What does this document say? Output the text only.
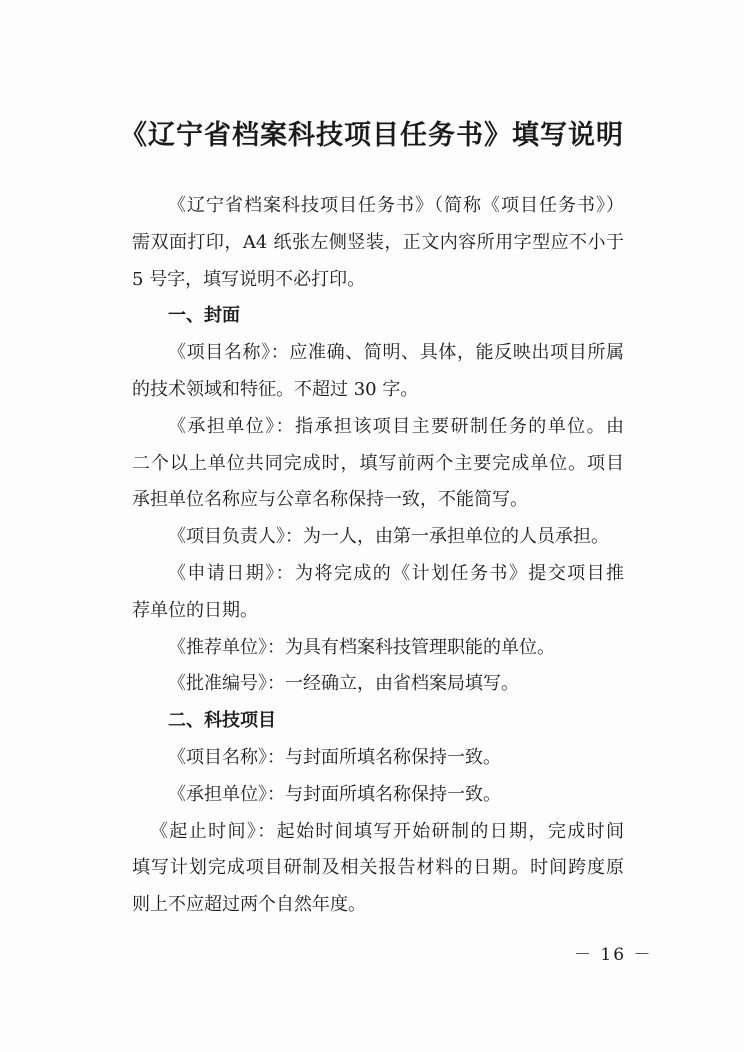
《辽宁省档案科技项目任务书》填写说明
《辽宁省档案科技项目任务书》（简称《项目任务书》）
需双面打印，A4 纸张左侧竖装，正文内容所用字型应不小于
5 号字，填写说明不必打印。
一、封面
《项目名称》：应准确、简明、具体，能反映出项目所属
的技术领域和特征。不超过 30 字。
《承担单位》：指承担该项目主要研制任务的单位。由
二个以上单位共同完成时，填写前两个主要完成单位。项目
承担单位名称应与公章名称保持一致，不能简写。
《项目负责人》：为一人，由第一承担单位的人员承担。
《申请日期》：为将完成的《计划任务书》提交项目推
荐单位的日期。
《推荐单位》：为具有档案科技管理职能的单位。
《批准编号》：一经确立，由省档案局填写。
二、科技项目
《项目名称》：与封面所填名称保持一致。
《承担单位》：与封面所填名称保持一致。
《起止时间》：起始时间填写开始研制的日期，完成时间
填写计划完成项目研制及相关报告材料的日期。时间跨度原
则上不应超过两个自然年度。
－ 16 －
